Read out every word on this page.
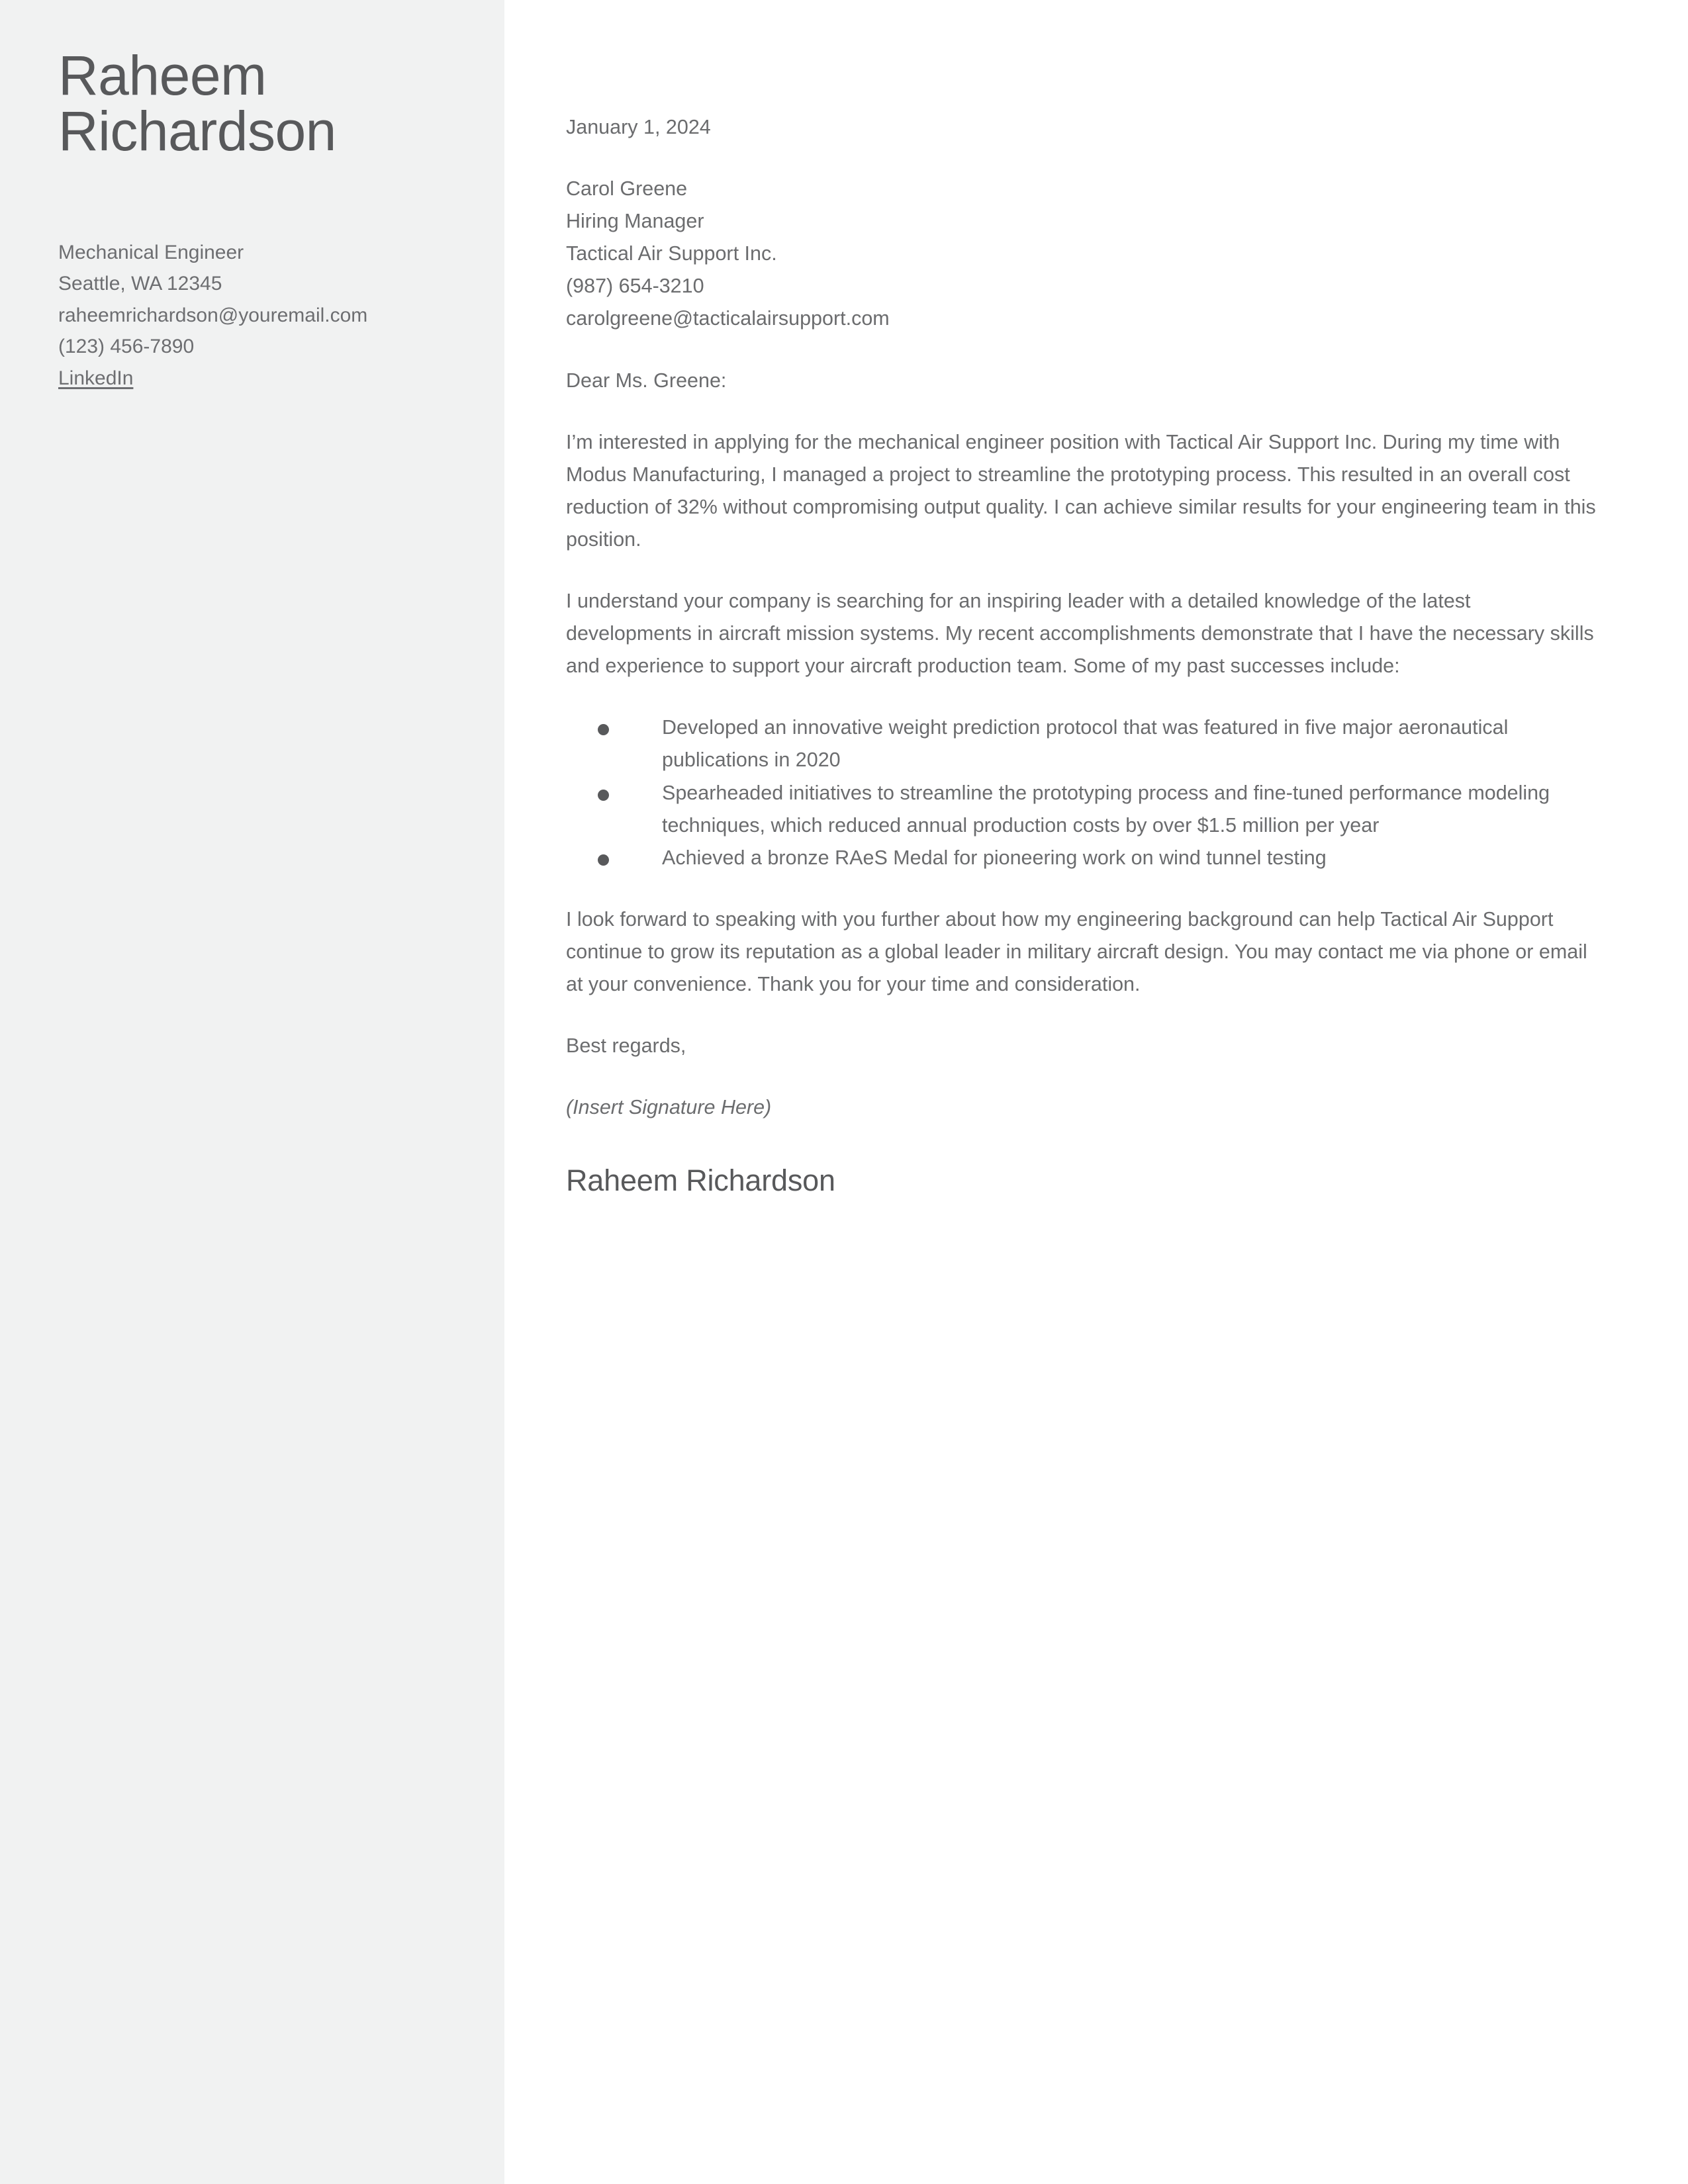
Raheem
Richardson
Mechanical Engineer
Seattle, WA 12345
raheemrichardson@youremail.com
(123) 456-7890
LinkedIn

January 1, 2024

Carol Greene
Hiring Manager
Tactical Air Support Inc.
(987) 654-3210
carolgreene@tacticalairsupport.com

Dear Ms. Greene:

I’m interested in applying for the mechanical engineer position with Tactical Air Support Inc. During my time with Modus Manufacturing, I managed a project to streamline the prototyping process. This resulted in an overall cost reduction of 32% without compromising output quality. I can achieve similar results for your engineering team in this position.

I understand your company is searching for an inspiring leader with a detailed knowledge of the latest developments in aircraft mission systems. My recent accomplishments demonstrate that I have the necessary skills and experience to support your aircraft production team. Some of my past successes include:

Developed an innovative weight prediction protocol that was featured in five major aeronautical publications in 2020
Spearheaded initiatives to streamline the prototyping process and fine-tuned performance modeling techniques, which reduced annual production costs by over $1.5 million per year
Achieved a bronze RAeS Medal for pioneering work on wind tunnel testing

I look forward to speaking with you further about how my engineering background can help Tactical Air Support continue to grow its reputation as a global leader in military aircraft design. You may contact me via phone or email at your convenience. Thank you for your time and consideration.

Best regards,

(Insert Signature Here)

Raheem Richardson
